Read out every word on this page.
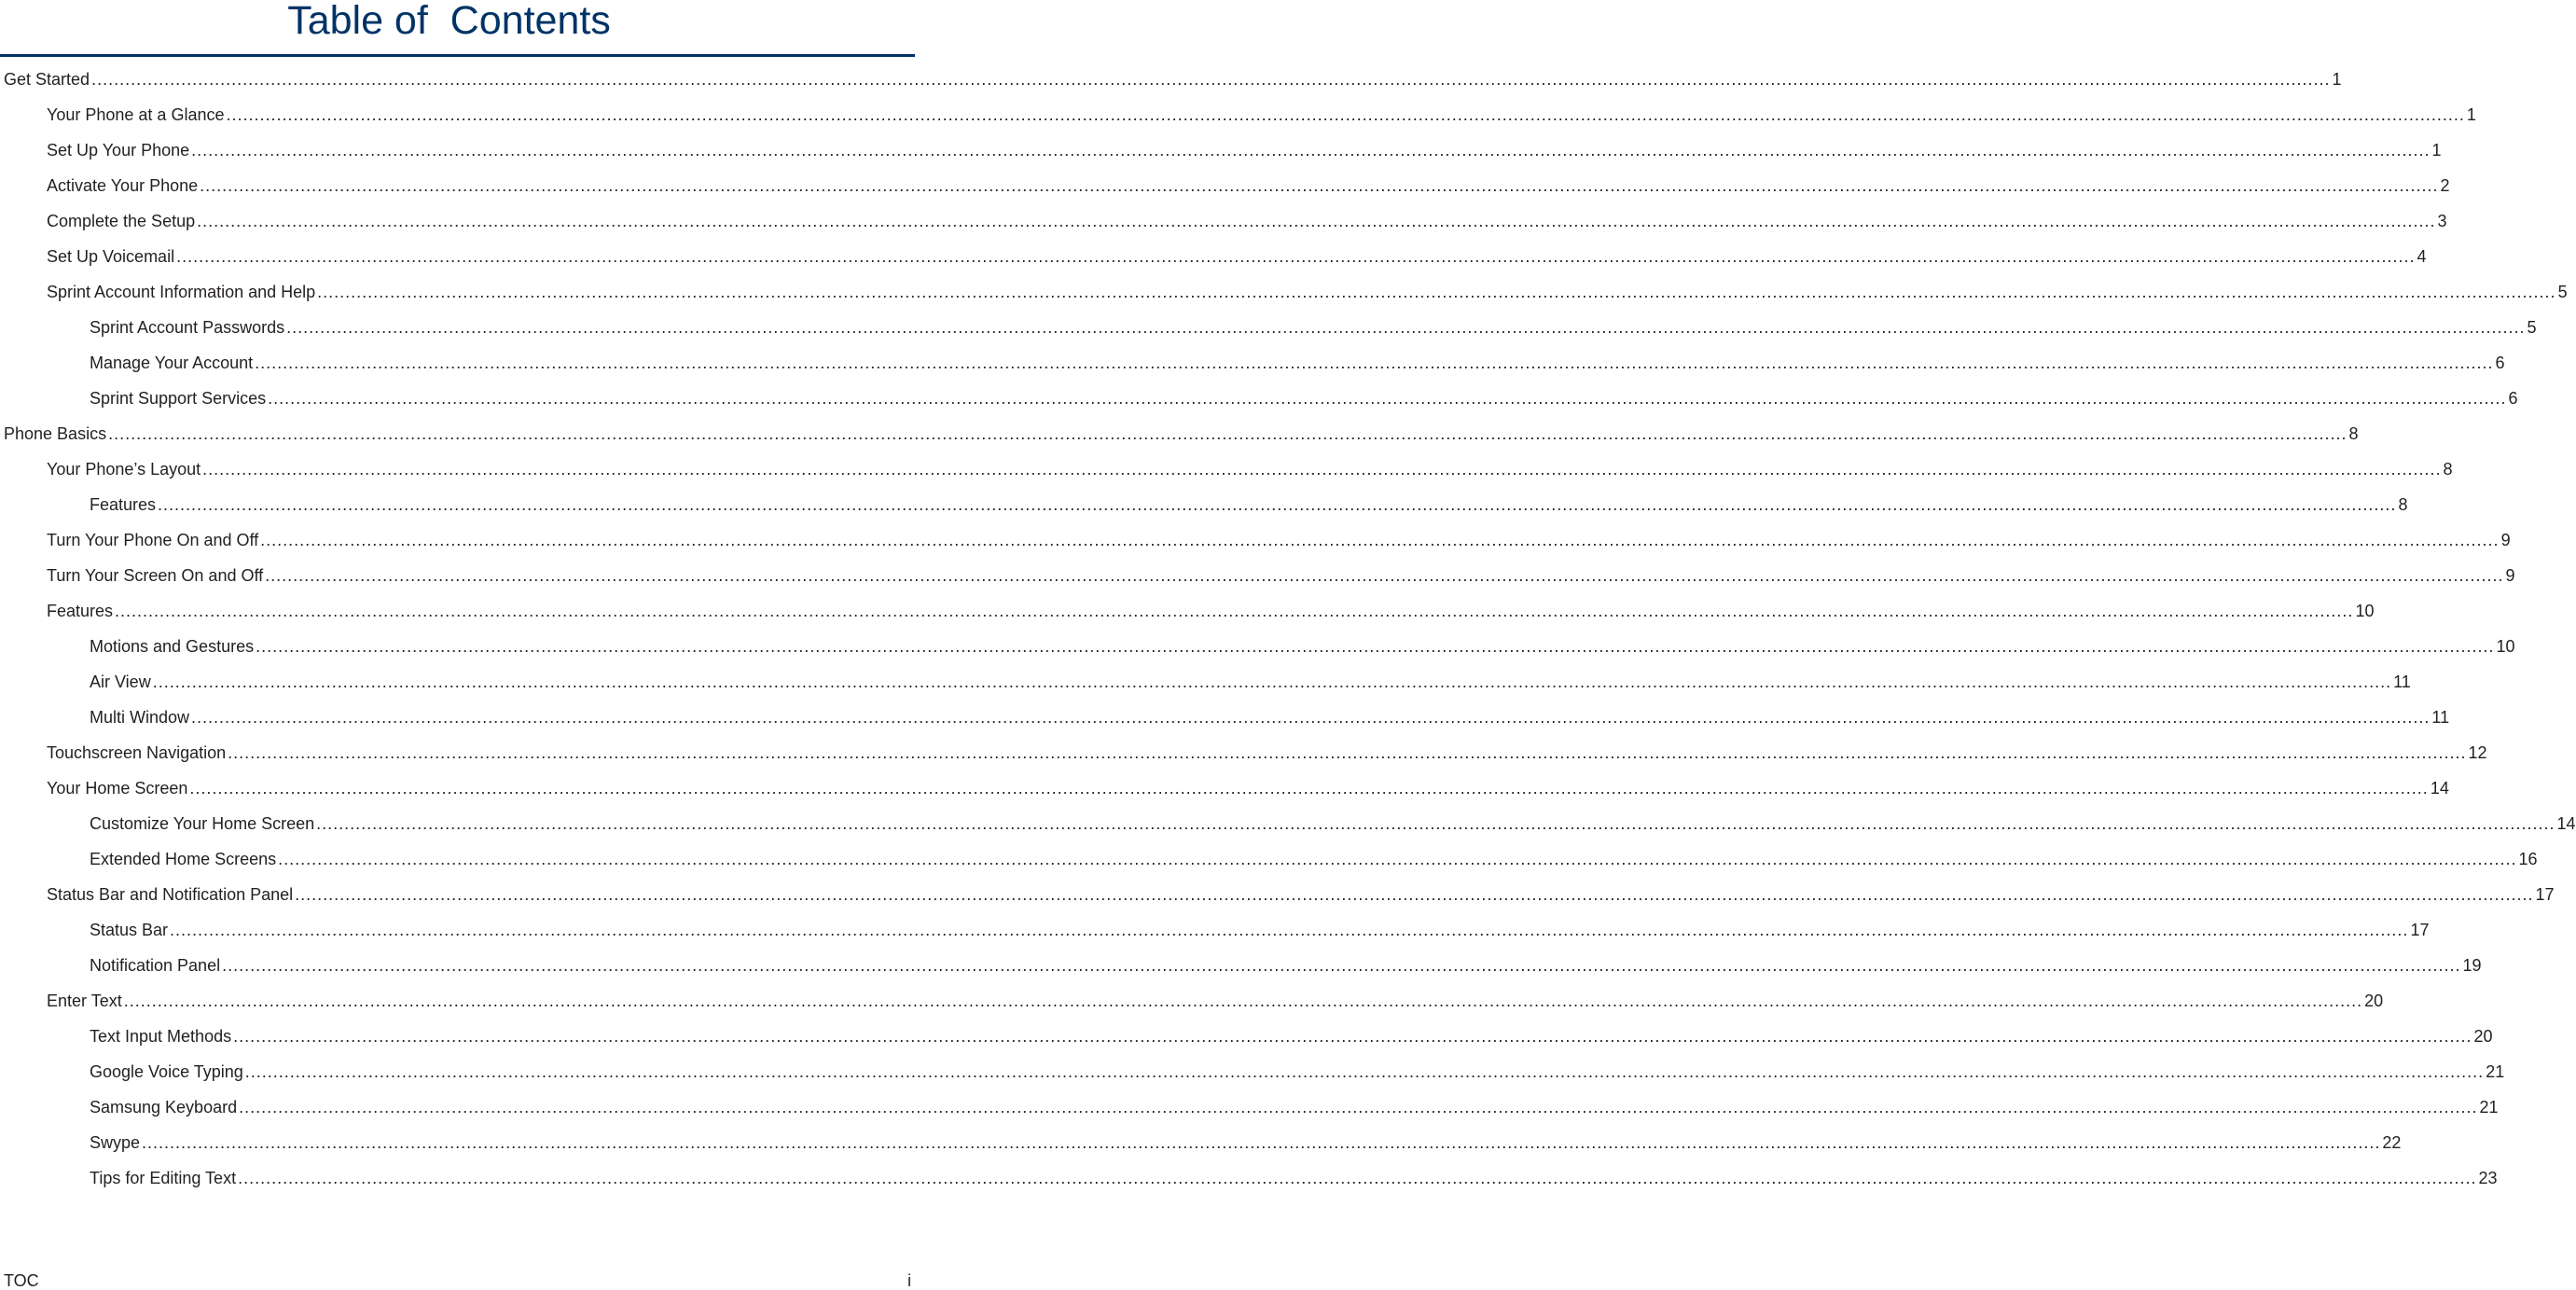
Table of  Contents
Get Started ................................................................................................................................................................................................................................................................................................................................................................................................................ 1
Your Phone at a Glance ................................................................................................................................................................................................................................................................................................................................................................................................................ 1
Set Up Your Phone ................................................................................................................................................................................................................................................................................................................................................................................................................ 1
Activate Your Phone ................................................................................................................................................................................................................................................................................................................................................................................................................ 2
Complete the Setup ................................................................................................................................................................................................................................................................................................................................................................................................................ 3
Set Up Voicemail ................................................................................................................................................................................................................................................................................................................................................................................................................ 4
Sprint Account Information and Help ................................................................................................................................................................................................................................................................................................................................................................................................................ 5
Sprint Account Passwords ................................................................................................................................................................................................................................................................................................................................................................................................................ 5
Manage Your Account ................................................................................................................................................................................................................................................................................................................................................................................................................ 6
Sprint Support Services ................................................................................................................................................................................................................................................................................................................................................................................................................ 6
Phone Basics ................................................................................................................................................................................................................................................................................................................................................................................................................ 8
Your Phone’s Layout ................................................................................................................................................................................................................................................................................................................................................................................................................ 8
Features ................................................................................................................................................................................................................................................................................................................................................................................................................ 8
Turn Your Phone On and Off ................................................................................................................................................................................................................................................................................................................................................................................................................ 9
Turn Your Screen On and Off ................................................................................................................................................................................................................................................................................................................................................................................................................ 9
Features ................................................................................................................................................................................................................................................................................................................................................................................................................ 10
Motions and Gestures ................................................................................................................................................................................................................................................................................................................................................................................................................ 10
Air View ................................................................................................................................................................................................................................................................................................................................................................................................................ 11
Multi Window ................................................................................................................................................................................................................................................................................................................................................................................................................ 11
Touchscreen Navigation ................................................................................................................................................................................................................................................................................................................................................................................................................ 12
Your Home Screen ................................................................................................................................................................................................................................................................................................................................................................................................................ 14
Customize Your Home Screen ................................................................................................................................................................................................................................................................................................................................................................................................................ 14
Extended Home Screens ................................................................................................................................................................................................................................................................................................................................................................................................................ 16
Status Bar and Notification Panel ................................................................................................................................................................................................................................................................................................................................................................................................................ 17
Status Bar ................................................................................................................................................................................................................................................................................................................................................................................................................ 17
Notification Panel ................................................................................................................................................................................................................................................................................................................................................................................................................ 19
Enter Text ................................................................................................................................................................................................................................................................................................................................................................................................................ 20
Text Input Methods ................................................................................................................................................................................................................................................................................................................................................................................................................ 20
Google Voice Typing ................................................................................................................................................................................................................................................................................................................................................................................................................ 21
Samsung Keyboard ................................................................................................................................................................................................................................................................................................................................................................................................................ 21
Swype ................................................................................................................................................................................................................................................................................................................................................................................................................ 22
Tips for Editing Text ................................................................................................................................................................................................................................................................................................................................................................................................................ 23
TOC	i
